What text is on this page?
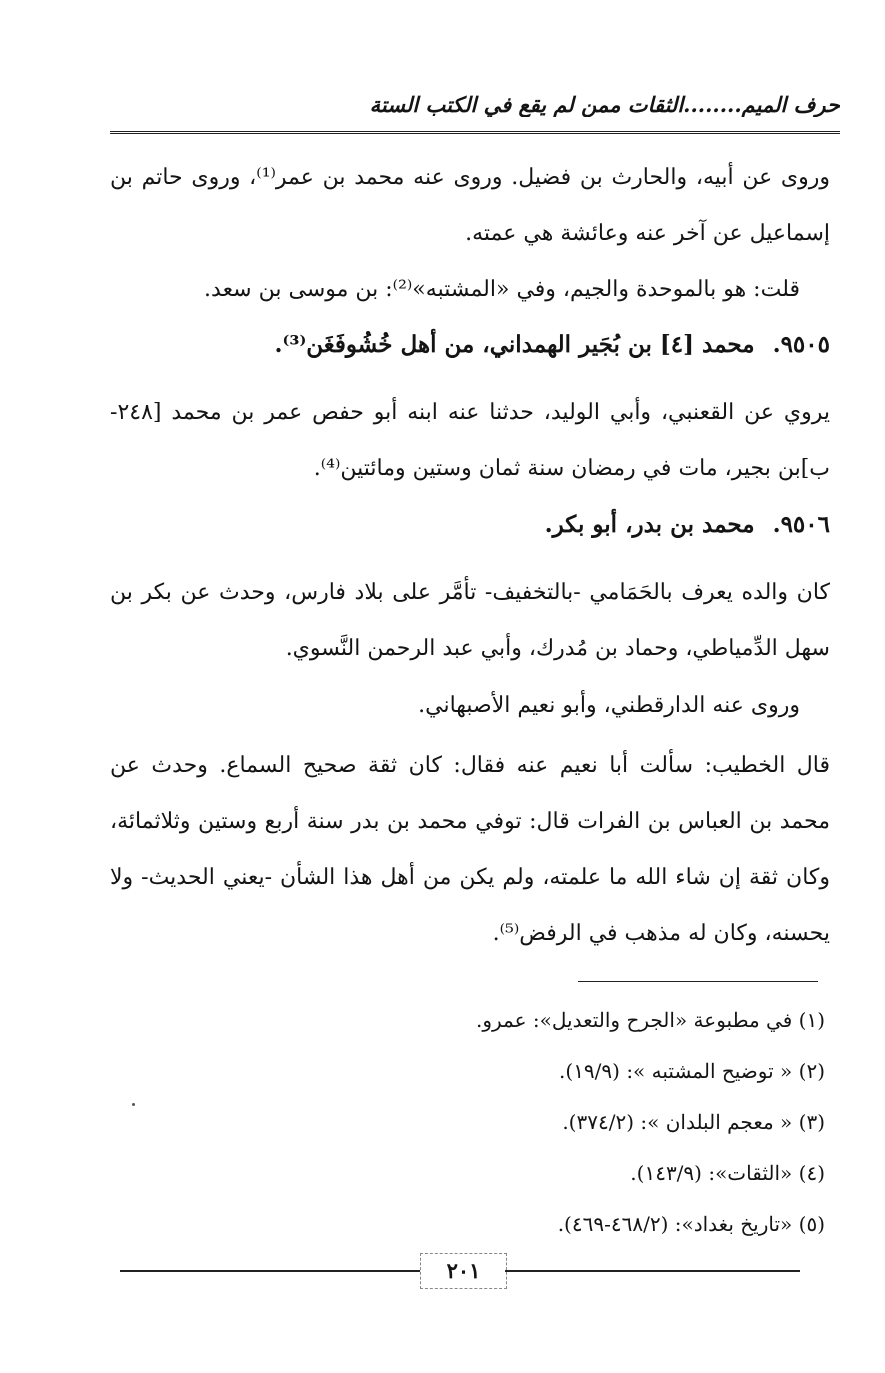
حرف الميم........الثقات ممن لم يقع في الكتب الستة
وروى عن أبيه، والحارث بن فضيل. وروى عنه محمد بن عمر⁽¹⁾، وروى حاتم بن إسماعيل عن آخر عنه وعائشة هي عمته.
قلت: هو بالموحدة والجيم، وفي «المشتبه»⁽²⁾: بن موسى بن سعد.
٩٥٠٥.محمد [٤] بن بُجَير الهمداني، من أهل خُشُوفَغَن⁽³⁾.
يروي عن القعنبي، وأبي الوليد، حدثنا عنه ابنه أبو حفص عمر بن محمد [٢٤٨-ب]بن بجير، مات في رمضان سنة ثمان وستين ومائتين⁽⁴⁾.
٩٥٠٦.محمد بن بدر، أبو بكر.
كان والده يعرف بالحَمَامي -بالتخفيف- تأمَّر على بلاد فارس، وحدث عن بكر بن سهل الدِّمياطي، وحماد بن مُدرك، وأبي عبد الرحمن النَّسوي.
وروى عنه الدارقطني، وأبو نعيم الأصبهاني.
قال الخطيب: سألت أبا نعيم عنه فقال: كان ثقة صحيح السماع. وحدث عن محمد بن العباس بن الفرات قال: توفي محمد بن بدر سنة أربع وستين وثلاثمائة، وكان ثقة إن شاء الله ما علمته، ولم يكن من أهل هذا الشأن -يعني الحديث- ولا يحسنه، وكان له مذهب في الرفض⁽⁵⁾.
(١) في مطبوعة «الجرح والتعديل»: عمرو.
(٢) « توضيح المشتبه »: (١٩/٩).
(٣) « معجم البلدان »: (٣٧٤/٢).
(٤) «الثقات»: (١٤٣/٩).
(٥) «تاريخ بغداد»: (٤٦٨/٢-٤٦٩).
٢٠١
